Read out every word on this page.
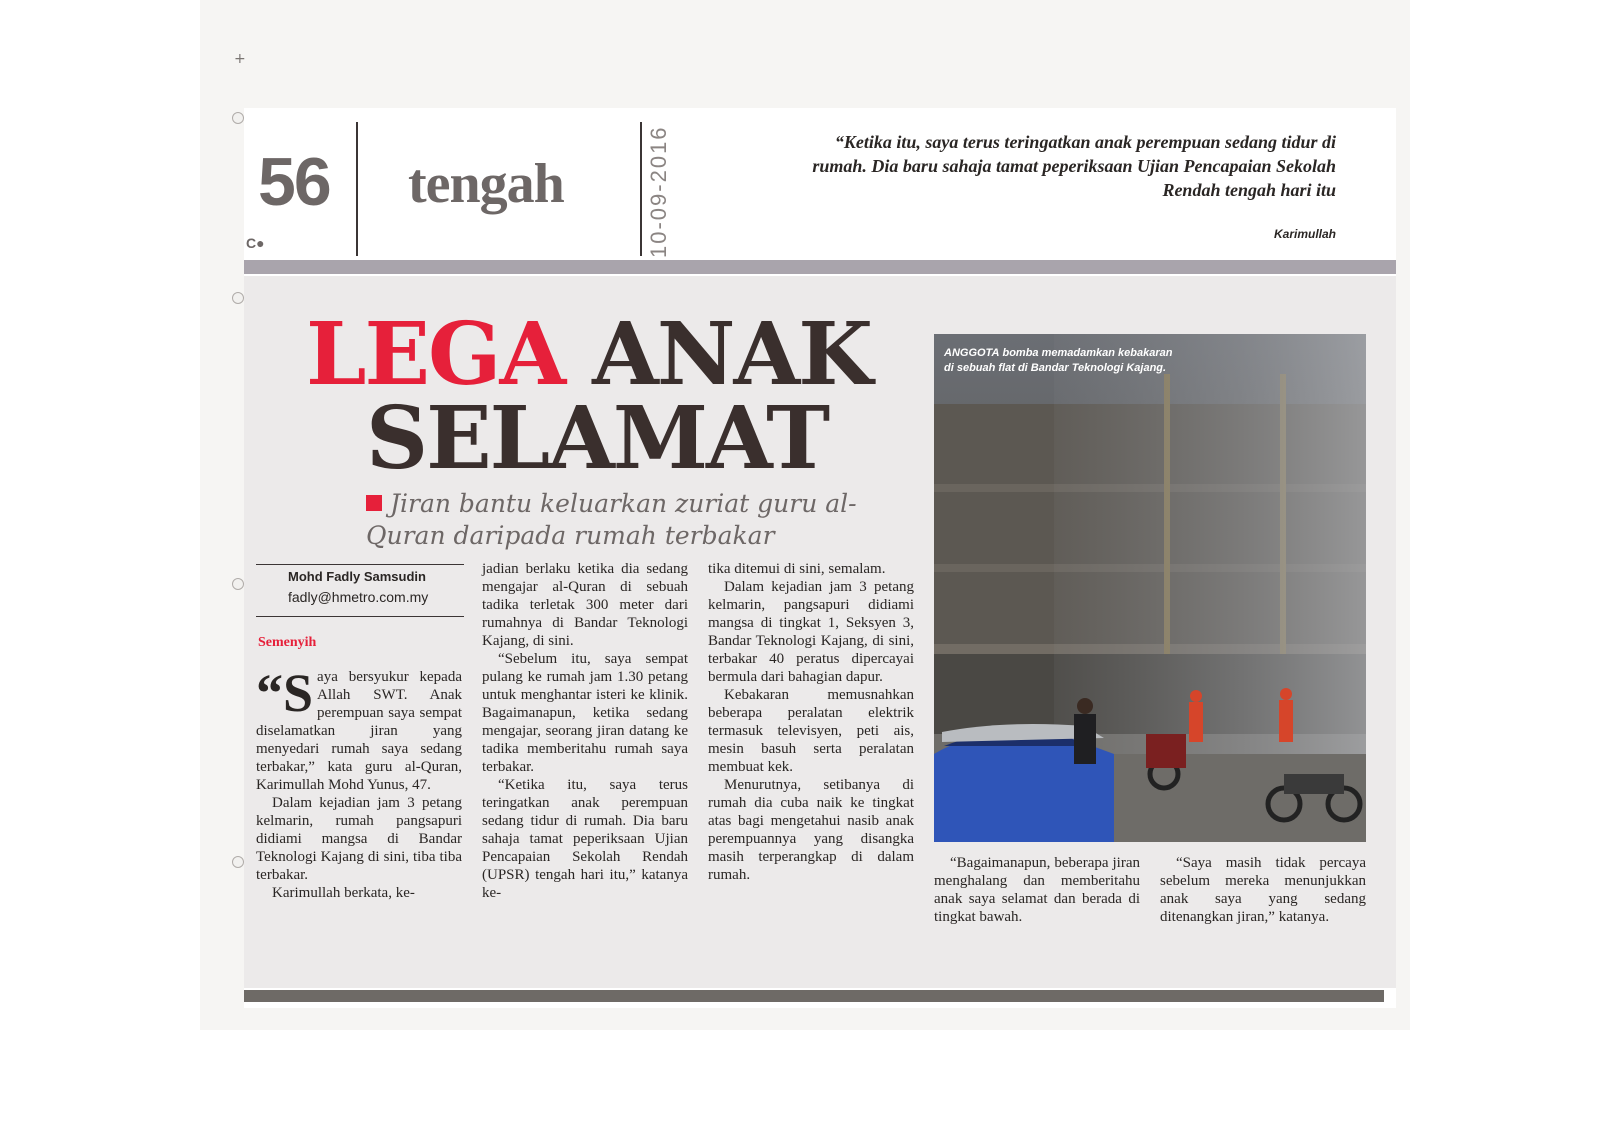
+
56
C●
tengah	10-09-2016	“Ketika itu, saya terus teringatkan anak perempuan sedang tidur di rumah. Dia baru sahaja tamat peperiksaan Ujian Pencapaian Sekolah Rendah tengah hari itu
Karimullah
LEGA ANAK
SELAMAT
Jiran bantu keluarkan zuriat guru al-Quran daripada rumah terbakar
Mohd Fadly Samsudin
fadly@hmetro.com.my
Semenyih

“Saya bersyukur kepada Allah SWT. Anak perempuan saya sempat diselamatkan jiran yang menyedari rumah saya sedang terbakar,” kata guru al-Quran, Karimullah Mohd Yunus, 47.

Dalam kejadian jam 3 petang kelmarin, rumah pangsapuri didiami mangsa di Bandar Teknologi Kajang di sini, tiba tiba terbakar.

Karimullah berkata, ke-

jadian berlaku ketika dia sedang mengajar al-Quran di sebuah tadika terletak 300 meter dari rumahnya di Bandar Teknologi Kajang, di sini.

“Sebelum itu, saya sempat pulang ke rumah jam 1.30 petang untuk menghantar isteri ke klinik. Bagaimanapun, ketika sedang mengajar, seorang jiran datang ke tadika memberitahu rumah saya terbakar.

“Ketika itu, saya terus teringatkan anak perempuan sedang tidur di rumah. Dia baru sahaja tamat peperiksaan Ujian Pencapaian Sekolah Rendah (UPSR) tengah hari itu,” katanya ke-

tika ditemui di sini, semalam.

Dalam kejadian jam 3 petang kelmarin, pangsapuri didiami mangsa di tingkat 1, Seksyen 3, Bandar Teknologi Kajang, di sini, terbakar 40 peratus dipercayai bermula dari bahagian dapur.

Kebakaran memusnahkan beberapa peralatan elektrik termasuk televisyen, peti ais, mesin basuh serta peralatan membuat kek.

Menurutnya, setibanya di rumah dia cuba naik ke tingkat atas bagi mengetahui nasib anak perempuannya yang disangka masih terperangkap di dalam rumah.

ANGGOTA bomba memadamkan kebakaran di sebuah flat di Bandar Teknologi Kajang.

“Bagaimanapun, beberapa jiran menghalang dan memberitahu anak saya selamat dan berada di tingkat bawah.

“Saya masih tidak percaya sebelum mereka menunjukkan anak saya yang sedang ditenangkan jiran,” katanya.
